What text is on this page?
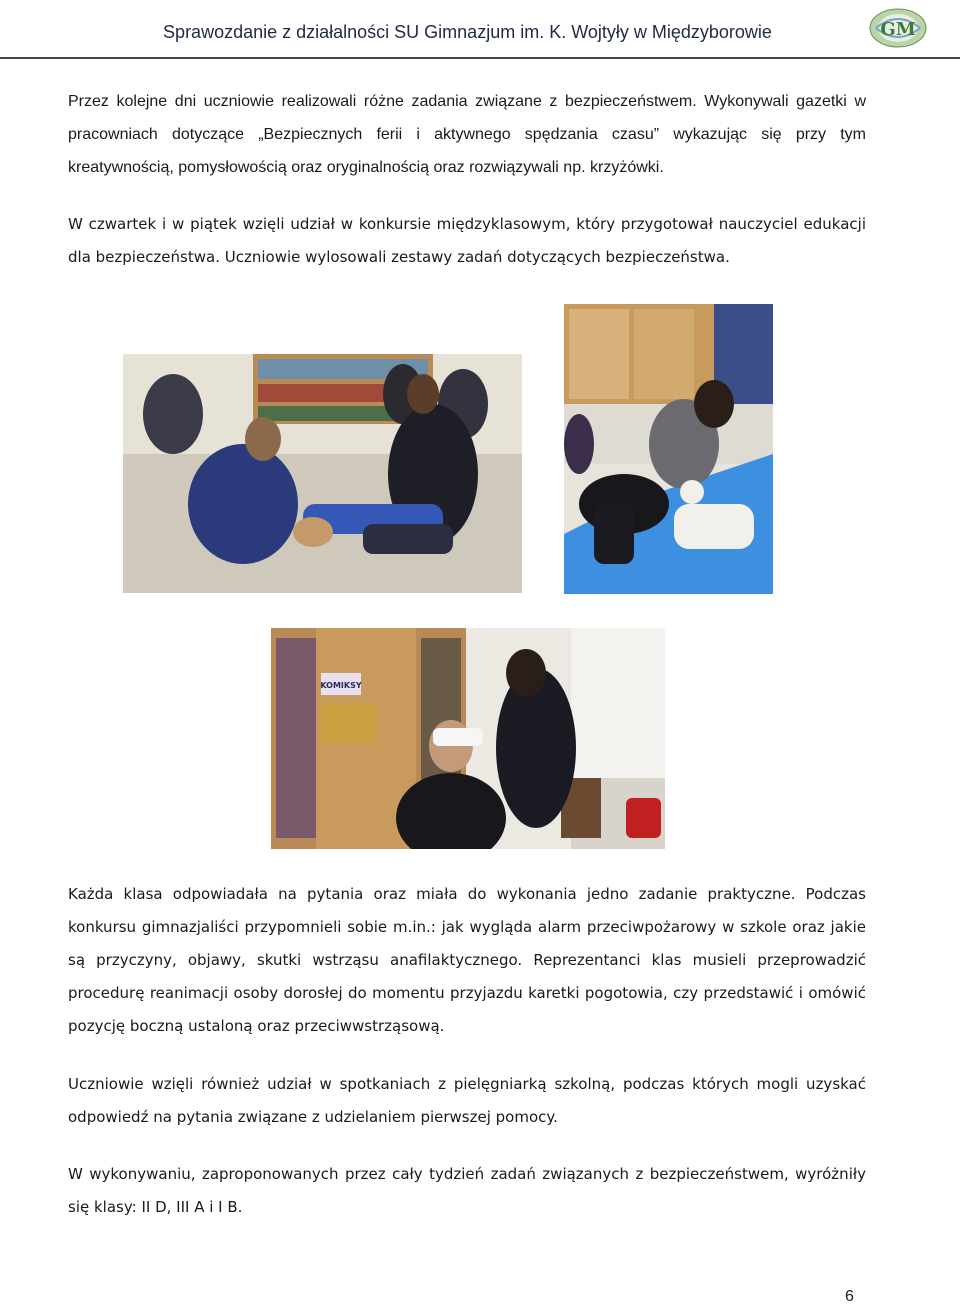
Sprawozdanie z działalności SU Gimnazjum im. K. Wojtyły w Międzyborowie	GM
Przez kolejne dni uczniowie realizowali różne zadania związane z bezpieczeństwem. Wykonywali gazetki w pracowniach dotyczące „Bezpiecznych ferii i aktywnego spędzania czasu” wykazując się przy tym kreatywnością, pomysłowością oraz oryginalnością oraz rozwiązywali np. krzyżówki.
W czwartek i w piątek wzięli udział w konkursie międzyklasowym, który przygotował nauczyciel edukacji dla bezpieczeństwa. Uczniowie wylosowali zestawy zadań dotyczących bezpieczeństwa.
KOMIKSY
Każda klasa odpowiadała na pytania oraz miała do wykonania jedno zadanie praktyczne. Podczas konkursu gimnazjaliści przypomnieli sobie m.in.: jak wygląda alarm przeciwpożarowy w szkole oraz jakie są przyczyny, objawy, skutki wstrząsu anafilaktycznego. Reprezentanci klas musieli przeprowadzić procedurę reanimacji osoby dorosłej do momentu przyjazdu karetki pogotowia, czy przedstawić i omówić pozycję boczną ustaloną oraz przeciwwstrząsową.
Uczniowie wzięli również udział w spotkaniach z pielęgniarką szkolną, podczas których mogli uzyskać odpowiedź na pytania związane z udzielaniem pierwszej pomocy.
W wykonywaniu, zaproponowanych przez cały tydzień zadań związanych z bezpieczeństwem, wyróżniły się klasy: II D, III A i I B.
6
